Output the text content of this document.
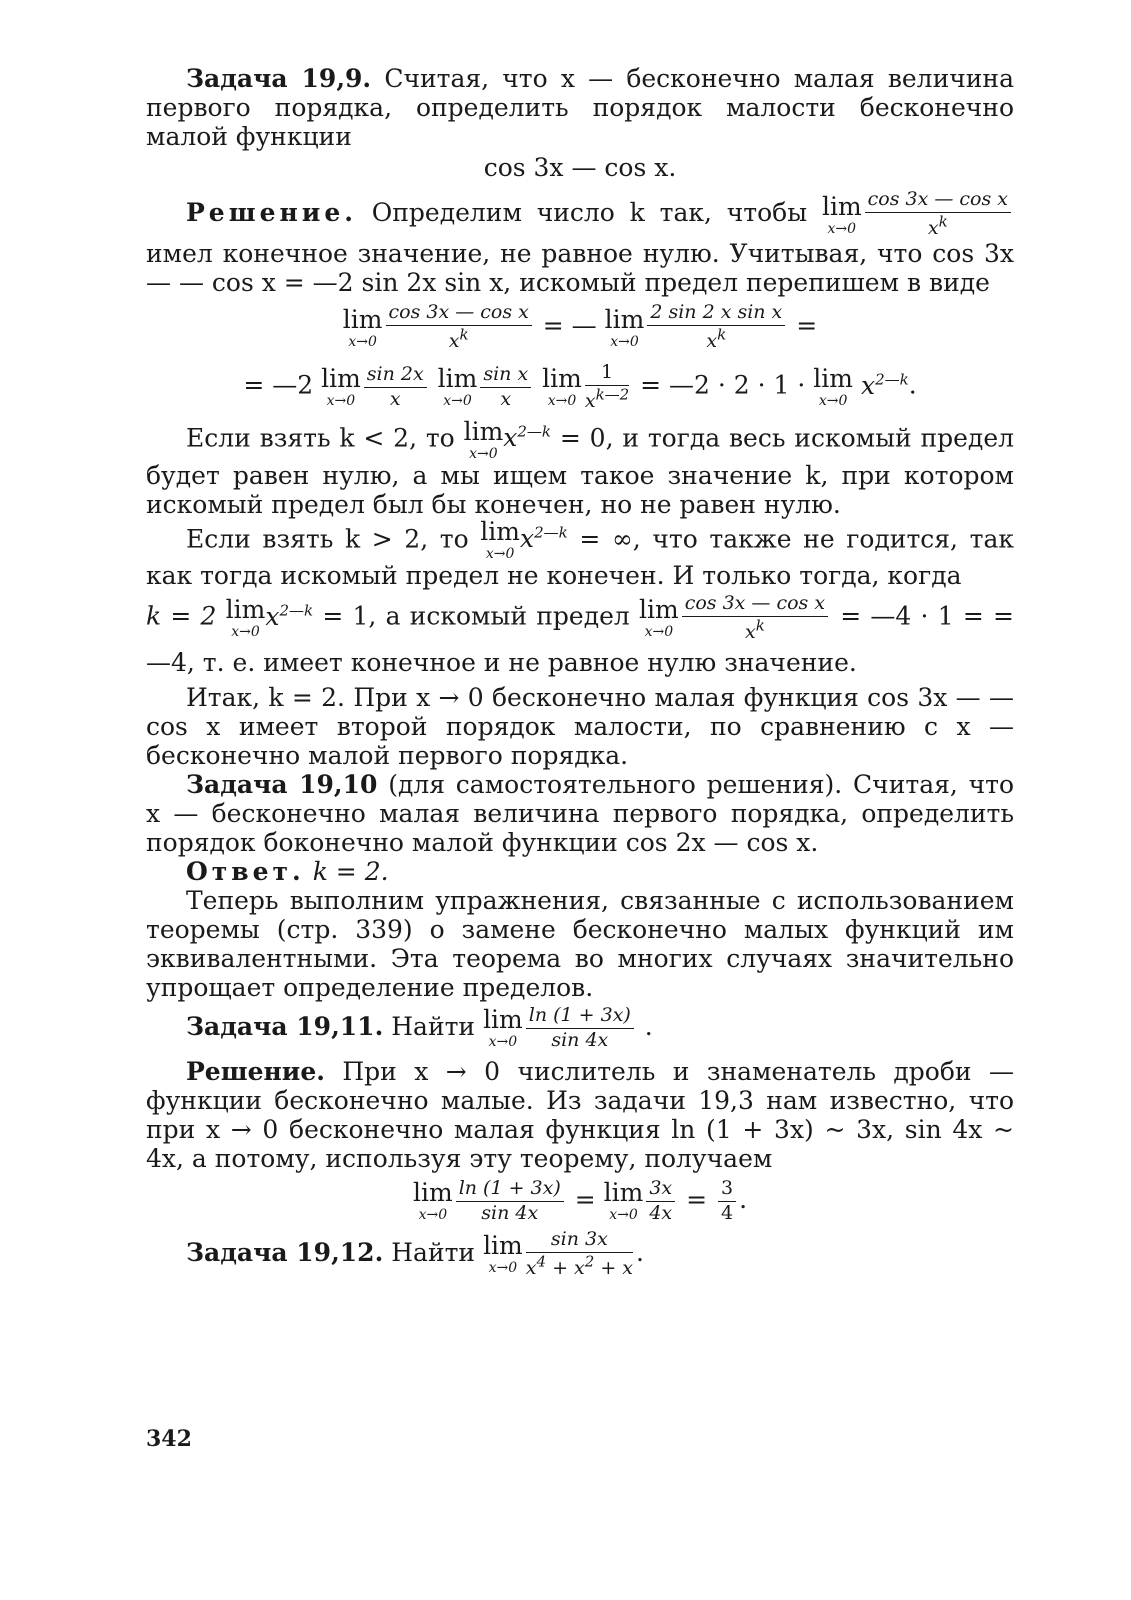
Задача 19,9. Считая, что x — бесконечно малая величина первого порядка, определить порядок малости бесконечно малой функции

cos 3x — cos x.

Решение. Определим число k так, чтобы lim
$x\to 0 \frac{\text{cos 3x — cos x}}{x^k}$
имел конечное значение, не равное нулю. Учитывая, что cos 3x — — cos x = —2 sin 2x sin x, искомый предел перепишем в виде

lim
$x\to 0 \frac{\text{cos 3x — cos x}}{x^k}$ = — lim
$x\to 0 \frac{\text{2 sin 2 x sin x}}{x^k}$ =
= —2 lim
$x\to 0 \frac{\sin 2x}{x}$
lim
$x\to 0 \frac{\text{sin x}}{x}$
lim
$x\to 0 \frac{1}{x^{k—2}}$ = —2 · 2 · 1 · lim
x→0
$x^{2—k}$.

Если взять k < 2, то lim
x→0
$x^{2—k} = 0$, и тогда весь искомый предел будет равен нулю, а мы ищем такое значение k, при котором искомый предел был бы конечен, но не равен нулю.

Если взять k > 2, то lim
x→0
$x^{2—k}$ = ∞, что также не годится, так как тогда искомый предел не конечен. И только тогда, когда

k = 2 lim
x→0
$x^{2—k} = 1$, а искомый предел lim
$x\to 0 \frac{\text{cos 3x — cos x}}{x^k}$ = —4 · 1 = = —4, т. е. имеет конечное и не равное нулю значение.

Итак, k = 2. При x → 0 бесконечно малая функция cos 3x — — cos x имеет второй порядок малости, по сравнению с x — бесконечно малой первого порядка.

Задача 19,10 (для самостоятельного решения). Считая, что x — бесконечно малая величина первого порядка, определить порядок боконечно малой функции cos 2x — cos x.

Ответ. k = 2.

Теперь выполним упражнения, связанные с использованием теоремы (стр. 339) о замене бесконечно малых функций им эквивалентными. Эта теорема во многих случаях значительно упрощает определение пределов.

Задача 19,11. Найти lim
$x\to 0 \frac{\ln (1 + 3x)}{\sin 4x}$ .

Решение. При x → 0 числитель и знаменатель дроби — функции бесконечно малые. Из задачи 19,3 нам известно, что при x → 0 бесконечно малая функция ln (1 + 3x) ~ 3x, sin 4x ~ 4x, а потому, используя эту теорему, получаем

lim
$x\to 0 \frac{\ln (1 + 3x)}{\sin 4x} = \lim$
$x\to 0 \frac{3x}{4x} = \frac{3}{4}$ .

Задача 19,12. Найти lim
$x\to 0 \frac{\sin 3x}{x^4 + x^2 + x}$ .

342
